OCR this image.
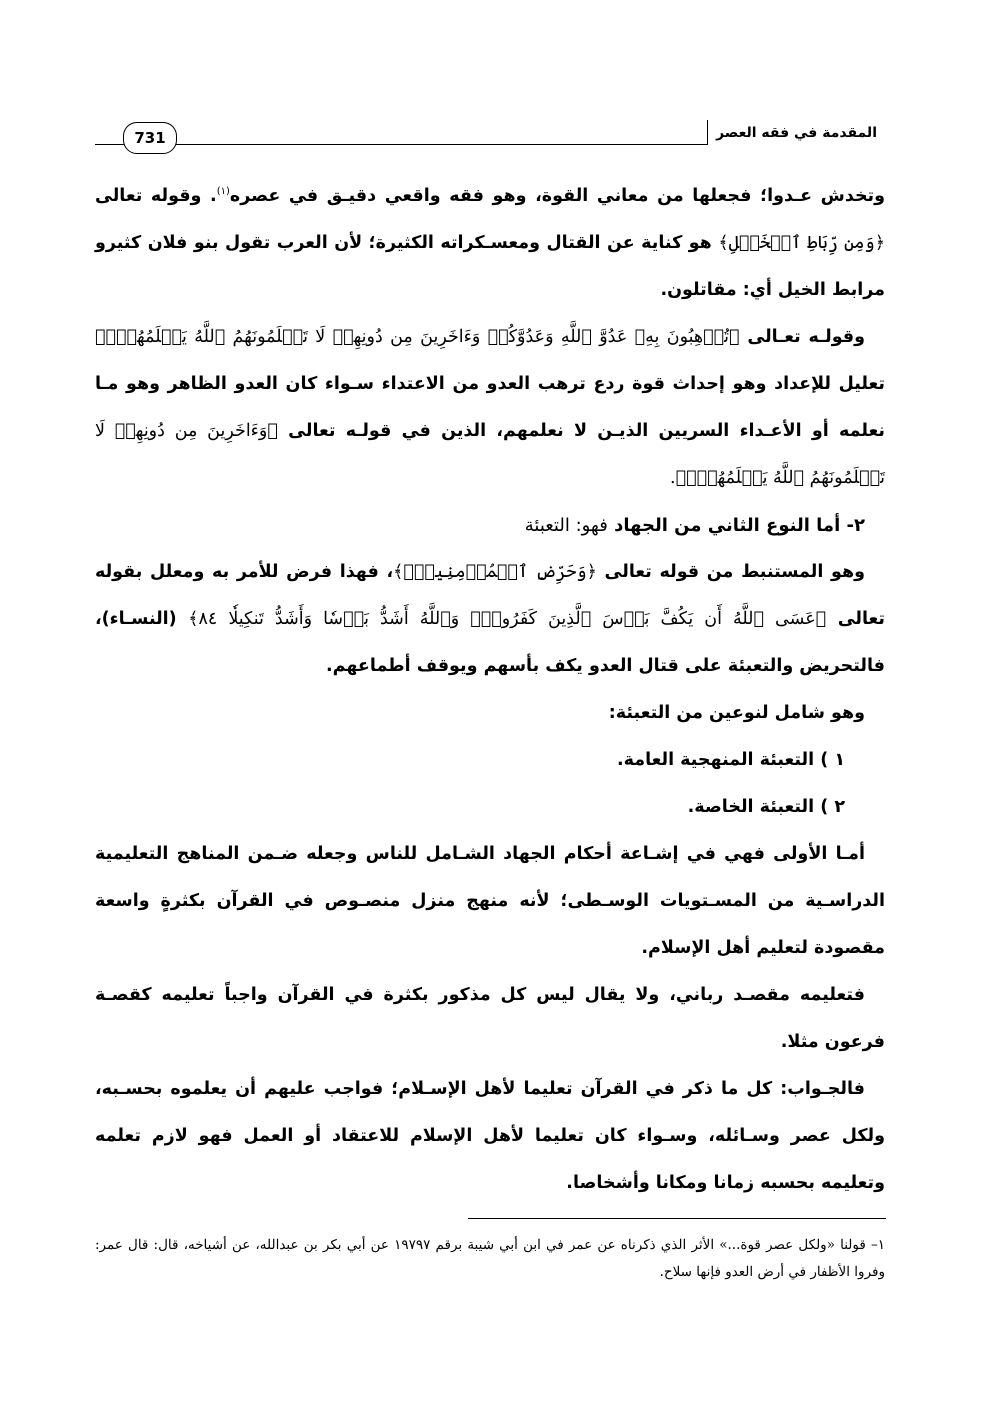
731	المقدمة في فقه العصر

وتخدش عـدوا؛ فجعلها من معاني القوة، وهو فقه واقعي دقيـق في عصره$^{(١)}$. وقوله تعالى ﴿وَمِن رِّبَاطِ ٱلۡخَيۡلِ﴾ هو كناية عن القتال ومعسـكراته الكثيرة؛ لأن العرب تقول بنو فلان كثيرو مرابط الخيل أي: مقاتلون.

وقولـه تعـالى ﴿تُرۡهِبُونَ بِهِۦ عَدُوَّ ٱللَّهِ وَعَدُوَّكُمۡ وَءَاخَرِينَ مِن دُونِهِمۡ لَا تَعۡلَمُونَهُمُ ٱللَّهُ يَعۡلَمُهُمۡۚ﴾ تعليل للإعداد وهو إحداث قوة ردع ترهب العدو من الاعتداء سـواء كان العدو الظاهر وهو مـا نعلمه أو الأعـداء السريين الذيـن لا نعلمهم، الذين في قولـه تعالى ﴿وَءَاخَرِينَ مِن دُونِهِمۡ لَا تَعۡلَمُونَهُمُ ٱللَّهُ يَعۡلَمُهُمۡۚ﴾.

٢- أما النوع الثاني من الجهاد فهو: التعبئة

وهو المستنبط من قوله تعالى ﴿وَحَرِّضِ ٱلۡمُؤۡمِنِينَۖ﴾، فهذا فرض للأمر به ومعلل بقوله تعالى ﴿عَسَى ٱللَّهُ أَن يَكُفَّ بَأۡسَ ٱلَّذِينَ كَفَرُواْۚ وَٱللَّهُ أَشَدُّ بَأۡسٗا وَأَشَدُّ تَنكِيلٗا ٨٤﴾ (النسـاء)، فالتحريض والتعبئة على قتال العدو يكف بأسهم ويوقف أطماعهم.

وهو شامل لنوعين من التعبئة:

١ ) التعبئة المنهجية العامة.

٢ ) التعبئة الخاصة.

أمـا الأولى فهي في إشـاعة أحكام الجهاد الشـامل للناس وجعله ضـمن المناهج التعليمية الدراسـية من المسـتويات الوسـطى؛ لأنه منهج منزل منصـوص في القرآن بكثرةٍ واسعة مقصودة لتعليم أهل الإسلام.

فتعليمه مقصـد رباني، ولا يقال ليس كل مذكور بكثرة في القرآن واجباً تعليمه كقصـة فرعون مثلا.

فالجـواب: كل ما ذكر في القرآن تعليما لأهل الإسـلام؛ فواجب عليهم أن يعلموه بحسـبه، ولكل عصر وسـائله، وسـواء كان تعليما لأهل الإسلام للاعتقاد أو العمل فهو لازم تعلمه وتعليمه بحسبه زمانا ومكانا وأشخاصا.

١– قولنا «ولكل عصر قوة...» الأثر الذي ذكرناه عن عمر في ابن أبي شيبة برقم ١٩٧٩٧ عن أبي بكر بن عبدالله، عن أشياخه، قال: قال عمر: وفروا الأظفار في أرض العدو فإنها سلاح.
